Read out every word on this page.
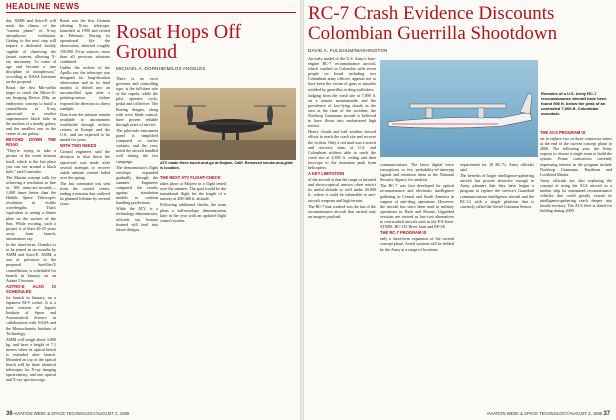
HEADLINE NEWS

dra, XMM and Astro-E will mark the climax of the "current phase" of X-ray astrophysics evaluation. Getting to the next step will require a dedicated facility capable of observing the fastest sources, allowing X-ray astronomy "to come of age and become a true discipline of astrophysics," according to NASA literature on the proposal.

Rosat: the first Mir-stellar target to reach the Micro-X-ray Imaging Device (Mir, an embryonic concept to build a constellation of X-ray spacecraft to resolve supermassive black hole in the nucleus of a nearby galaxy and the smallest one in the center of our galaxy.

BEYOND DOWN THE ROAD

"They're trying to take a picture of the event horizon itself, which is the last place you can see around a black hole," said Cominsky.

The Maxim concept calls for achieving a resolution as fine as 100 nano-arc-seconds—1,000 times better than the Hubble Space Telescope's resolution in visible wavelengths. That's equivalent to seeing a dinner plate on the surface of the Sun. While exciting, such a project is at least 20-25 years away from launch, astronomers say.

In the short-term, Chandra is to be joined in six months by XMM and Astro-E. XMM, a son of precursor to the proposed Satellite-X constellation, is scheduled for launch in January on an Ariane 5 booster.

ASTRO-E ALSO IS SCHEDULED

for launch in January, on a Japanese M-V rocket. It is a joint mission of Japan's Institute of Space and Astronautical Science in collaboration with NASA and the Massachusetts Institute of Technology.

XMM will weigh about 3,800 kg. and have a height of 7.1 meters when its optical bench is extended after launch. Mounted on top of the optical bench will be three identical telescopes for X-ray imaging spectrometry, and one optical and X-ray spectroscopy.

Rosat Hops Off Ground
MICHAEL A. DORNHEIM/LOS ANGELES

Rosat was the first German orbiting X-ray telescope, launched in 1990 and retired in February. During its operational life the observatory detected roughly 150,000 X-ray sources, more than all previous missions combined.

Unlike the rockets of the Apollo era, the telescope was designed for long-duration observation and in its final months it drifted into an uncontrolled spin after a pointing-sensor failure exposed the detectors to direct sunlight.

Data from the mission remain available to astronomers worldwide through archive centers in Europe and the U.S., and are expected to be mined for years.

WITH TWO NEEDS

Ground engineers said the decision to shut down the spacecraft was made after several attempts to recover stable attitude control failed over the spring.

The last command was sent from the control center, ending a mission that outlived its planned lifetime by several years.

There is no error governor and controlling type, is the full-time role of the cupola, while the pilot operates cycle, pedal and collective. The Boeing designs, along with rotor blade control, have proven reliable through years of service.

The pilot-side instrument panel is simplified compared to earlier variants, and the crew noted the aircraft handled well during the test campaign.

The demonstrator's flight envelope expanded gradually through the summer. Engineers compared the results against simulation models to confirm handling predictions.

While the ATV is a technology demonstrator, officials say lessons learned will feed into future designs.

ATV made three touch-and-go at Mojave, Calif. Removed smoke-and-glide is location.

THE NEXT ATV FLIGHT-CHECK

takes place at Mojave in a flight tested over the summer. The goal would be the transitional flight for the length of a runway at 200-400 ft. altitude.

Following additional checks, the team plans a full-envelope demonstration later in the year with an updated flight control system.

36 AVIATION WEEK & SPACE TECHNOLOGY/AUGUST 2, 1999
RC-7 Crash Evidence Discounts Colombian Guerrilla Shootdown
DAVID A. FULGHUM/WASHINGTON

An early model of the U.S. Army's four-engine RC-7 reconnaissance aircraft, which crashed in Colombia with seven people on board including two Colombian army officers, appears not to have been the victim of guns or missiles wielded by guerrillas or drug traffickers.

Judging from the crash site at 7,000 ft. on a remote mountainside and the prevalence of low-lying clouds in the area at the time of the accident, the Northrop Grumman aircraft is believed to have flown into unchartered high terrain.

Heavy clouds and bad weather slowed efforts to reach the crash site and recover the victims. Only a red mud was a search and recovery team of U.S. and Colombian soldiers able to reach the crash site at 2,500 ft. ceiling and then fast-rope to the mountain peak from helicopters.

A KEY LIMITATION

of the aircraft is that the range of infrared and electro-optical sensors often restrict its useful altitude to well under 20,000 ft., where it could be vulnerable to anti-aircraft weapons and high terrain.

The RC-7 that crashed was the last of the reconnaissance aircraft that carried only an imagery payload.

Remains of a U.S. Army RC-7 reconnaissance aircraft have been found 900 ft. below the peak of an uncharted 7,000-ft. Colombian mountain.

communications. The latest digital voice encryptions or few probability-of-intercept signals and retention them to the National Security Agency for analysis.

The RC-7 was first developed for optical reconnaissance and electronic intelligence gathering in Central and South America in support of anti-drug operations. However, the aircraft has since been used in military operations in Haiti and Bosnia. Upgraded versions are viewed as low-cost alternatives to overworked aircraft such as the E-8 Joint-STARS, RC-135 Rivet Joint and EP-3E.

THE RC-7 PROGRAM IS

only a short-term expansion of the current concept phase. Aerial systems will be fielded by the Army at a range of locations.

requirement for 18 RC-7s, Army officials said.

The benefits of larger intelligence-gathering aircraft has proven attractive enough to Army planners that they have begun a program to replace the service's Guardrail communications intelligence aircraft and the RC-12 with a single platform that is currently called the Aerial Common Sensor.

THE ACS PROGRAM IS

set to replace two or three contractor teams at the end of the current concept phase in 2000. The following year, the Army expects to choose a single team to build the system. Prime contractors currently expressing interest in the program include Northrop Grumman, Raytheon and Lockheed Martin.

Army officials are also exploring the concept of using the ACS aircraft as a mother ship for unmanned reconnaissance vehicles that could greatly extend its intelligence-gathering reach deeper into hostile territory. The ACS fleet is slated for fielding during 2009.

AVIATION WEEK & SPACE TECHNOLOGY/AUGUST 2, 1999 37
